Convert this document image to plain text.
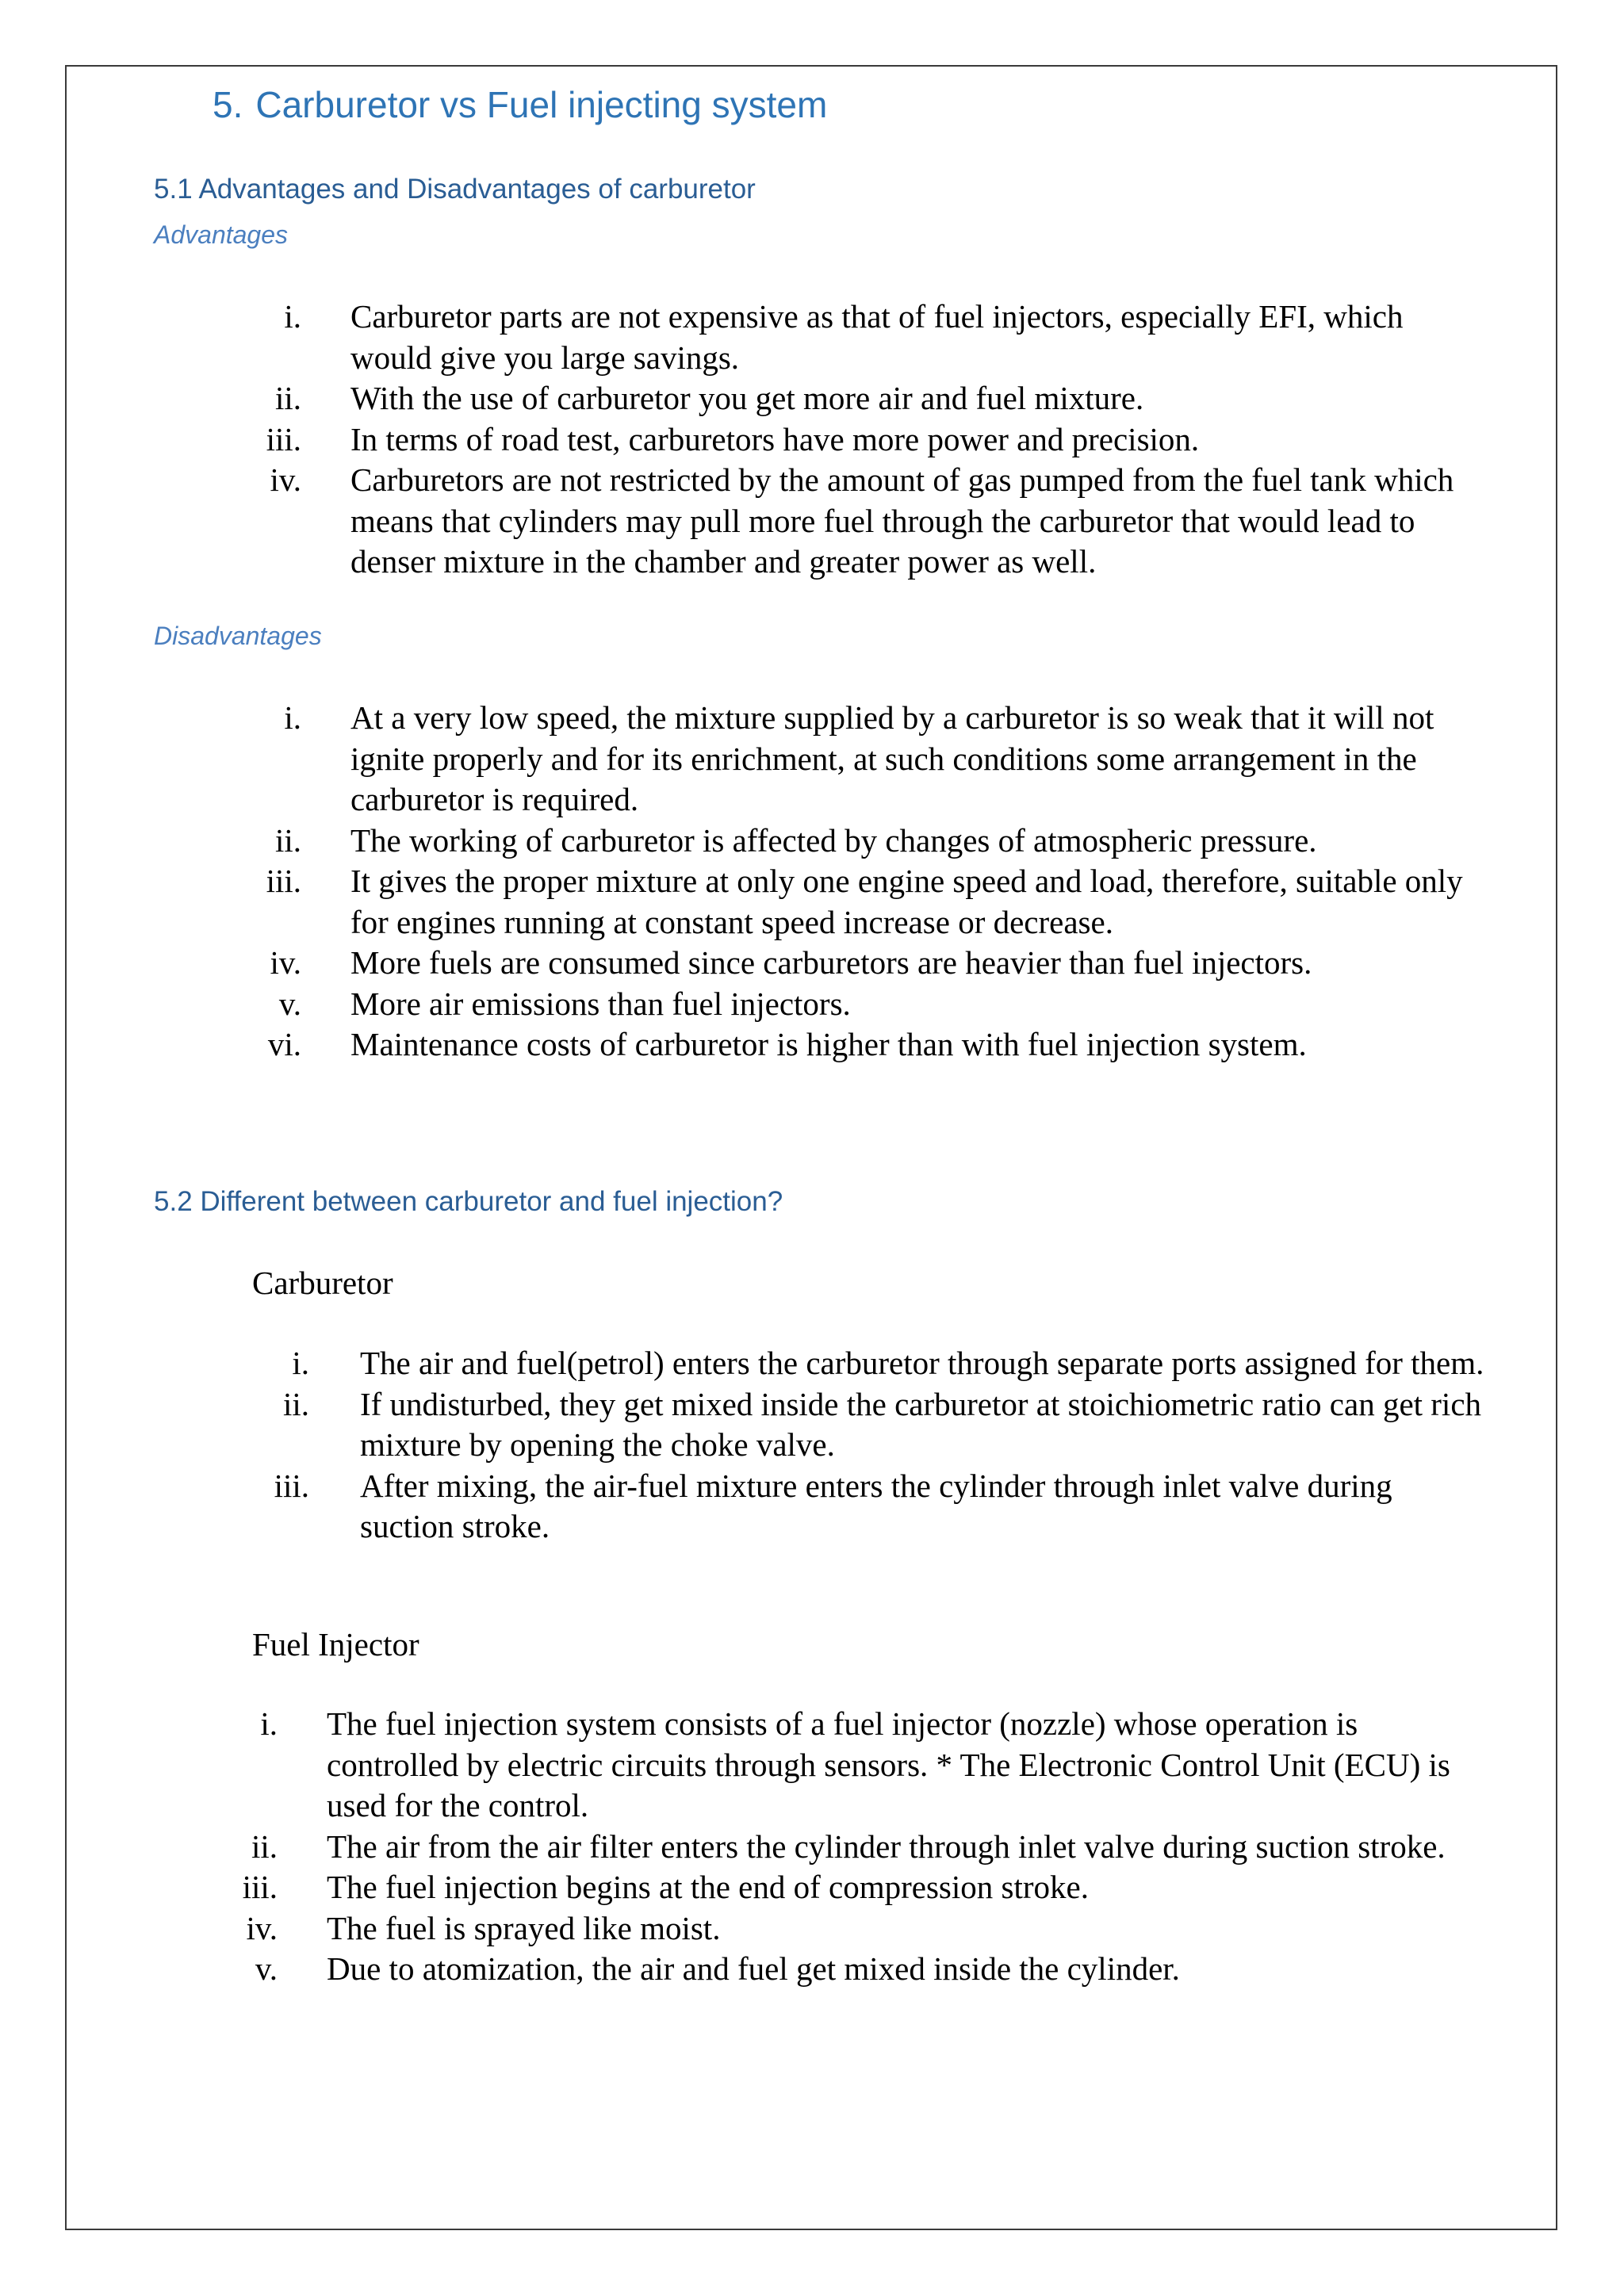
5. Carburetor vs Fuel injecting system
5.1 Advantages and Disadvantages of carburetor

Advantages

i.	Carburetor parts are not expensive as that of fuel injectors, especially EFI, which would give you large savings.
ii.	With the use of carburetor you get more air and fuel mixture.
iii.	In terms of road test, carburetors have more power and precision.
iv.	Carburetors are not restricted by the amount of gas pumped from the fuel tank which means that cylinders may pull more fuel through the carburetor that would lead to denser mixture in the chamber and greater power as well.

Disadvantages

i.	At a very low speed, the mixture supplied by a carburetor is so weak that it will not ignite properly and for its enrichment, at such conditions some arrangement in the carburetor is required.
ii.	The working of carburetor is affected by changes of atmospheric pressure.
iii.	It gives the proper mixture at only one engine speed and load, therefore, suitable only for engines running at constant speed increase or decrease.
iv.	More fuels are consumed since carburetors are heavier than fuel injectors.
v.	More air emissions than fuel injectors.
vi.	Maintenance costs of carburetor is higher than with fuel injection system.
5.2 Different between carburetor and fuel injection?

Carburetor

i.	The air and fuel(petrol) enters the carburetor through separate ports assigned for them.
ii.	If undisturbed, they get mixed inside the carburetor at stoichiometric ratio can get rich mixture by opening the choke valve.
iii.	After mixing, the air-fuel mixture enters the cylinder through inlet valve during suction stroke.

Fuel Injector

i.	The fuel injection system consists of a fuel injector (nozzle) whose operation is controlled by electric circuits through sensors. * The Electronic Control Unit (ECU) is used for the control.
ii.	The air from the air filter enters the cylinder through inlet valve during suction stroke.
iii.	The fuel injection begins at the end of compression stroke.
iv.	The fuel is sprayed like moist.
v.	Due to atomization, the air and fuel get mixed inside the cylinder.
